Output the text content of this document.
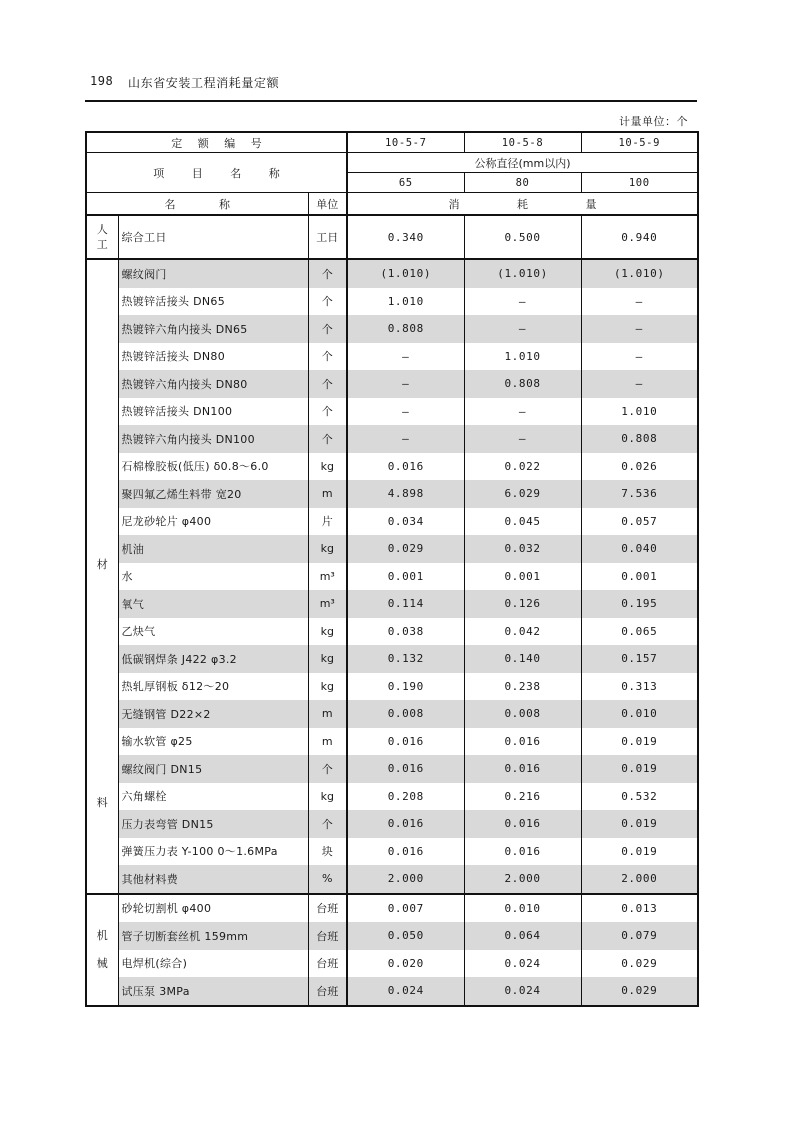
198 山东省安装工程消耗量定额
计量单位：个
定 额 编 号			10-5-7	10-5-8	10-5-9
项 目 名 称			公称直径(mm以内)		
			65	80	100
名 称		单位	消 耗 量		

人
工	综合工日	工日	0.340	0.500	0.940

材
料	螺纹阀门	个	(1.010)	(1.010)	(1.010)
	热镀锌活接头 DN65	个	1.010	—	—
	热镀锌六角内接头 DN65	个	0.808	—	—
	热镀锌活接头 DN80	个	—	1.010	—
	热镀锌六角内接头 DN80	个	—	0.808	—
	热镀锌活接头 DN100	个	—	—	1.010
	热镀锌六角内接头 DN100	个	—	—	0.808
	石棉橡胶板(低压) δ0.8～6.0	kg	0.016	0.022	0.026
	聚四氟乙烯生料带 宽20	m	4.898	6.029	7.536
	尼龙砂轮片 φ400	片	0.034	0.045	0.057
	机油	kg	0.029	0.032	0.040
	水	m³	0.001	0.001	0.001
	氧气	m³	0.114	0.126	0.195
	乙炔气	kg	0.038	0.042	0.065
	低碳钢焊条 J422 φ3.2	kg	0.132	0.140	0.157
	热轧厚钢板 δ12～20	kg	0.190	0.238	0.313
	无缝钢管 D22×2	m	0.008	0.008	0.010
	输水软管 φ25	m	0.016	0.016	0.019
	螺纹阀门 DN15	个	0.016	0.016	0.019
	六角螺栓	kg	0.208	0.216	0.532
	压力表弯管 DN15	个	0.016	0.016	0.019
	弹簧压力表 Y-100 0～1.6MPa	块	0.016	0.016	0.019
	其他材料费	%	2.000	2.000	2.000

机
械	砂轮切割机 φ400	台班	0.007	0.010	0.013
	管子切断套丝机 159mm	台班	0.050	0.064	0.079
	电焊机(综合)	台班	0.020	0.024	0.029
	试压泵 3MPa	台班	0.024	0.024	0.029
